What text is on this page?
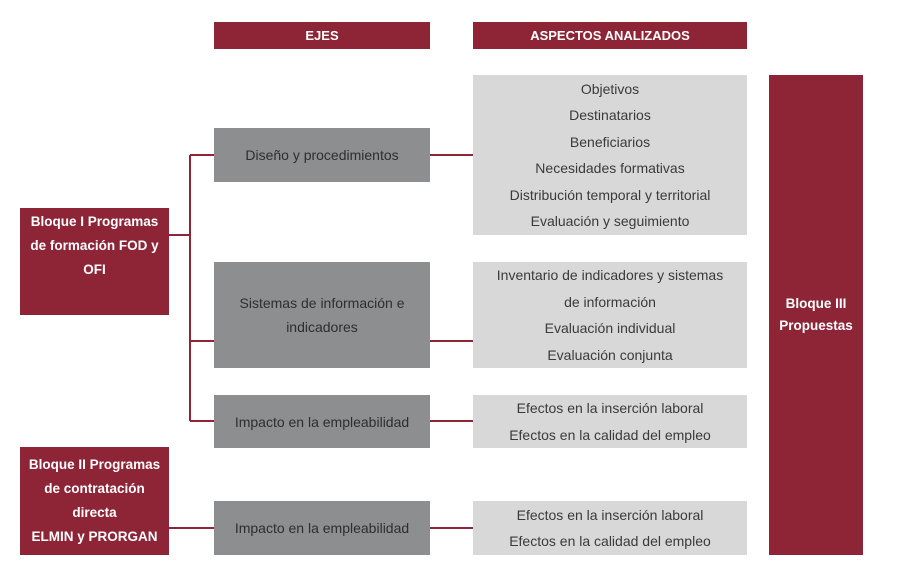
EJES	ASPECTOS ANALIZADOS
Bloque I Programas
de formación FOD y
OFI
Bloque II Programas
de contratación
directa
ELMIN y PRORGAN
Bloque III
Propuestas
Diseño y procedimientos
Sistemas de información e
indicadores
Impacto en la empleabilidad
Impacto en la empleabilidad
Objetivos
Destinatarios
Beneficiarios
Necesidades formativas
Distribución temporal y territorial
Evaluación y seguimiento
Inventario de indicadores y sistemas
de información
Evaluación individual
Evaluación conjunta
Efectos en la inserción laboral
Efectos en la calidad del empleo
Efectos en la inserción laboral
Efectos en la calidad del empleo
